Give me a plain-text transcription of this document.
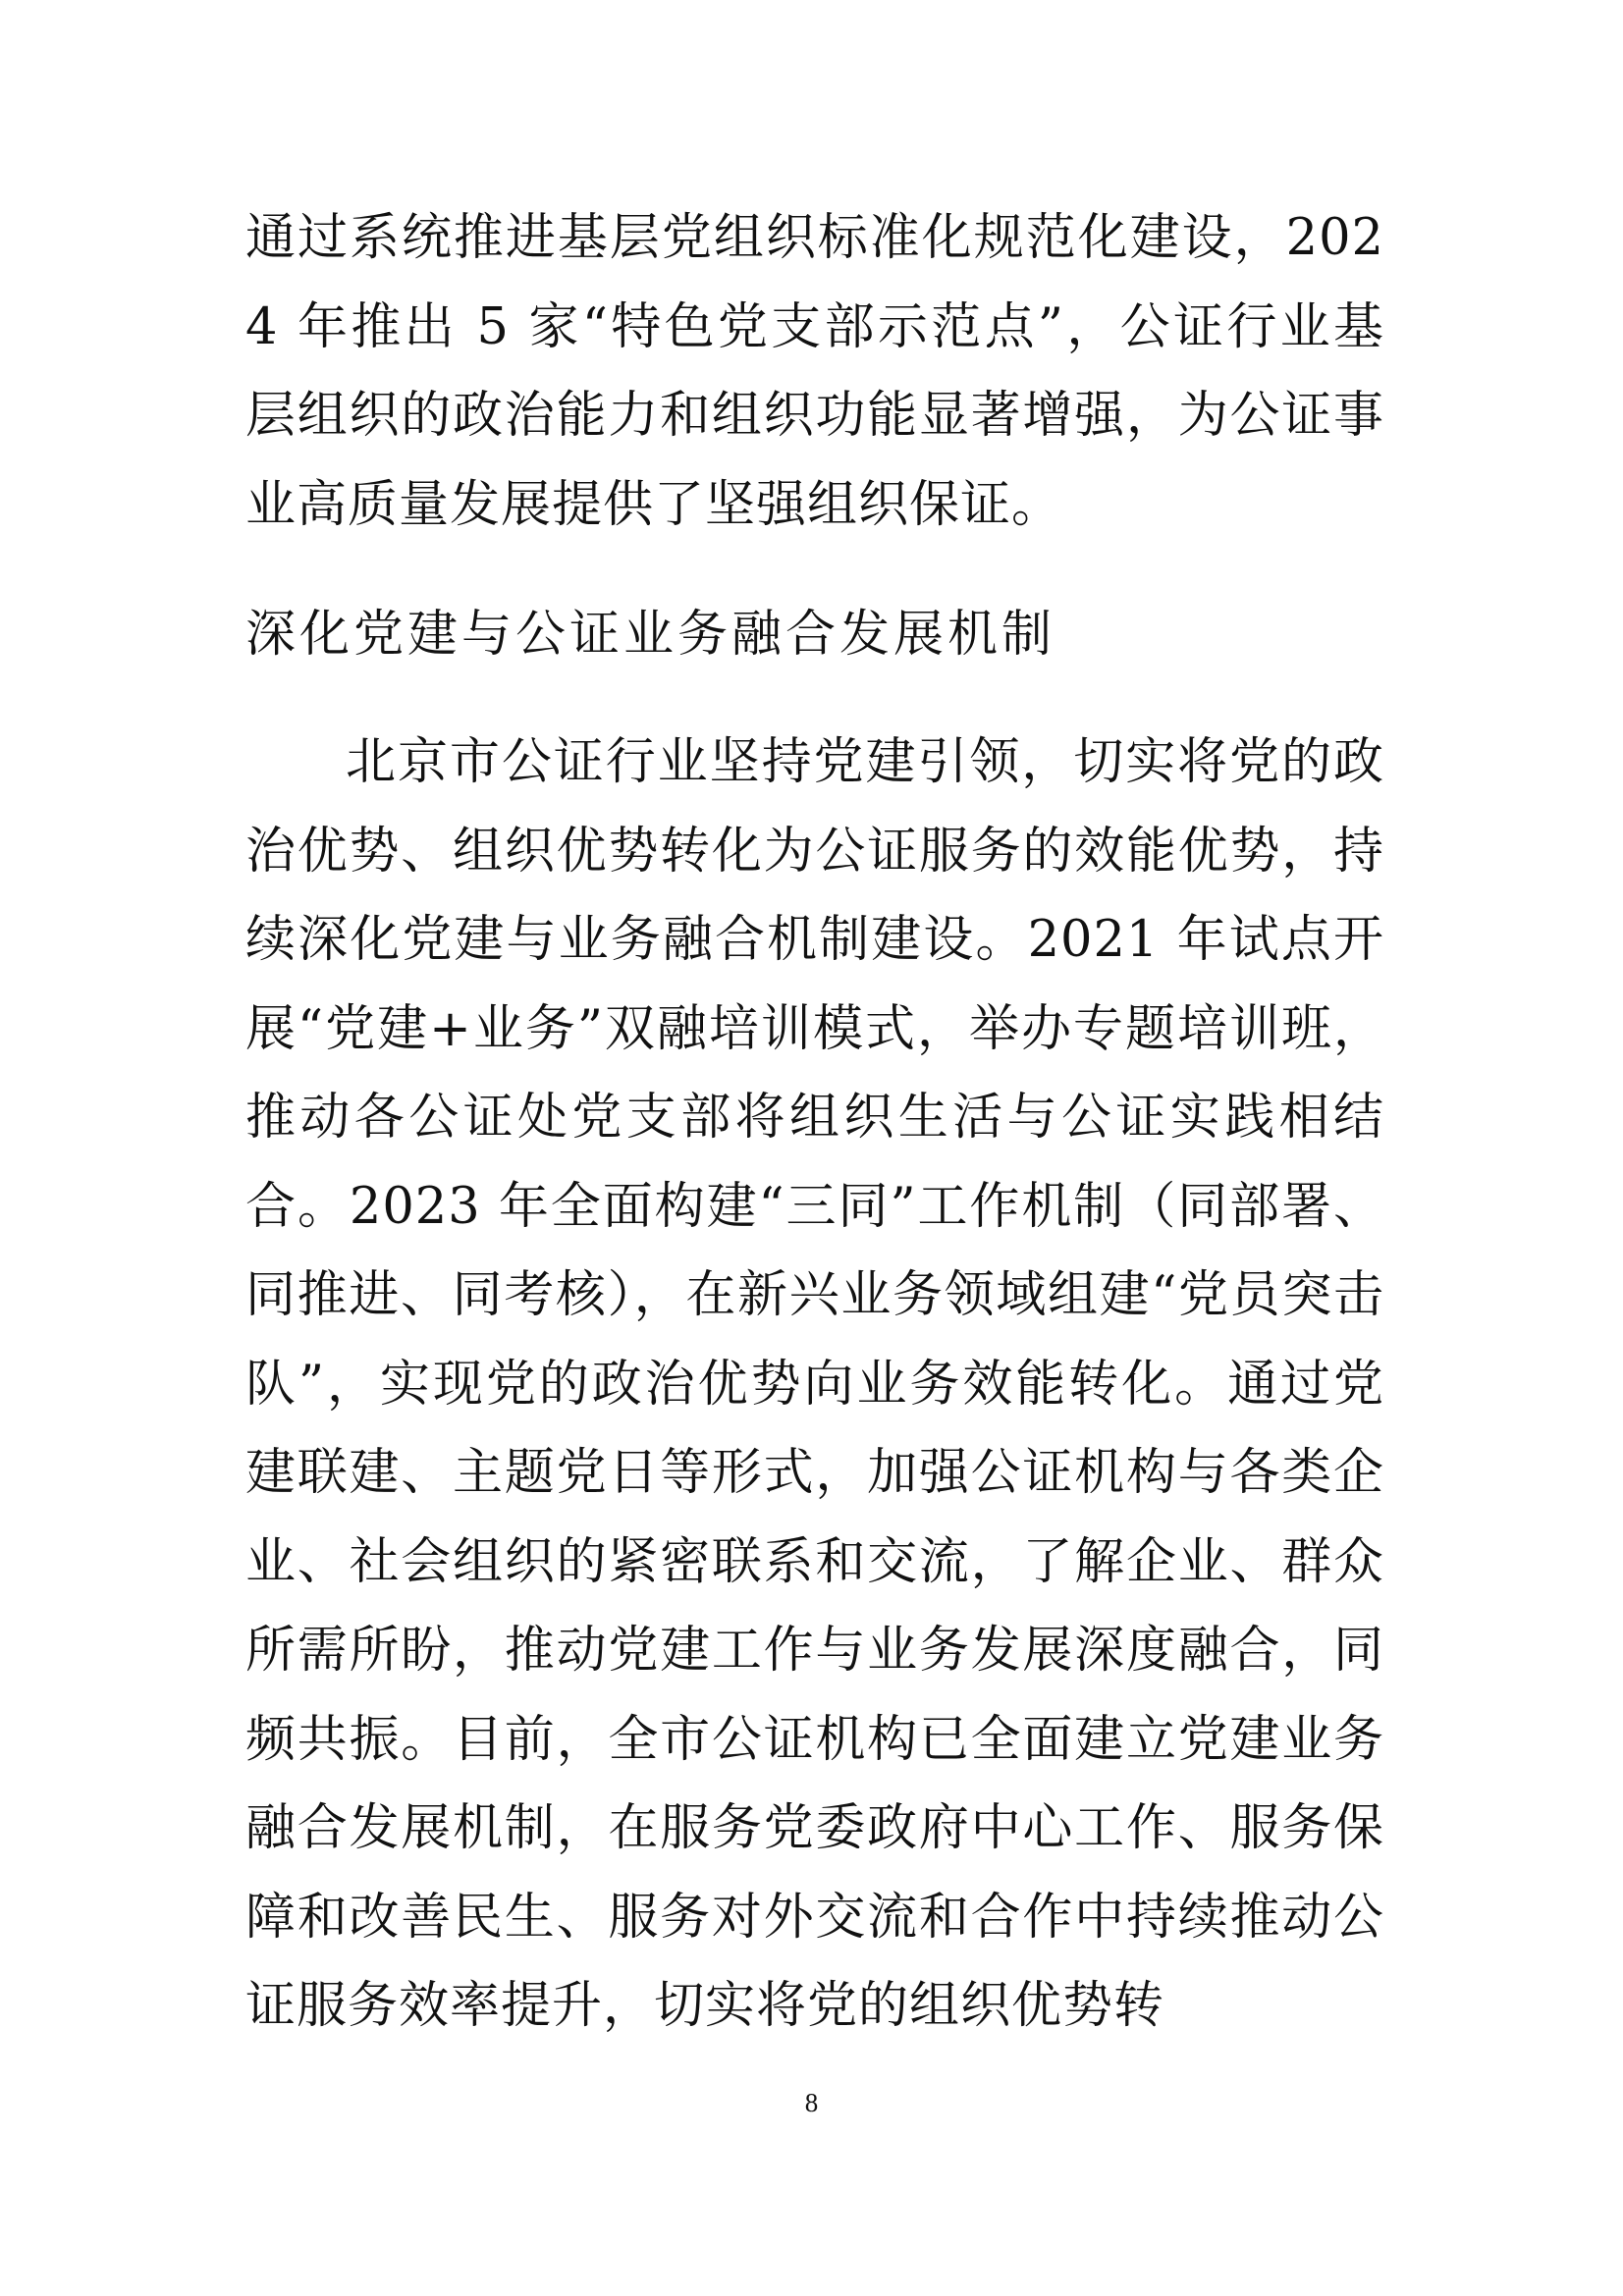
通过系统推进基层党组织标准化规范化建设，2024 年推出 5 家“特色党支部示范点”，公证行业基层组织的政治能力和组织功能显著增强，为公证事业高质量发展提供了坚强组织保证。

深化党建与公证业务融合发展机制

北京市公证行业坚持党建引领，切实将党的政治优势、组织优势转化为公证服务的效能优势，持续深化党建与业务融合机制建设。2021 年试点开展“党建+业务”双融培训模式，举办专题培训班，推动各公证处党支部将组织生活与公证实践相结合。2023 年全面构建“三同”工作机制（同部署、同推进、同考核），在新兴业务领域组建“党员突击队”，实现党的政治优势向业务效能转化。通过党建联建、主题党日等形式，加强公证机构与各类企业、社会组织的紧密联系和交流，了解企业、群众所需所盼，推动党建工作与业务发展深度融合，同频共振。目前，全市公证机构已全面建立党建业务融合发展机制，在服务党委政府中心工作、服务保障和改善民生、服务对外交流和合作中持续推动公证服务效率提升，切实将党的组织优势转

8
